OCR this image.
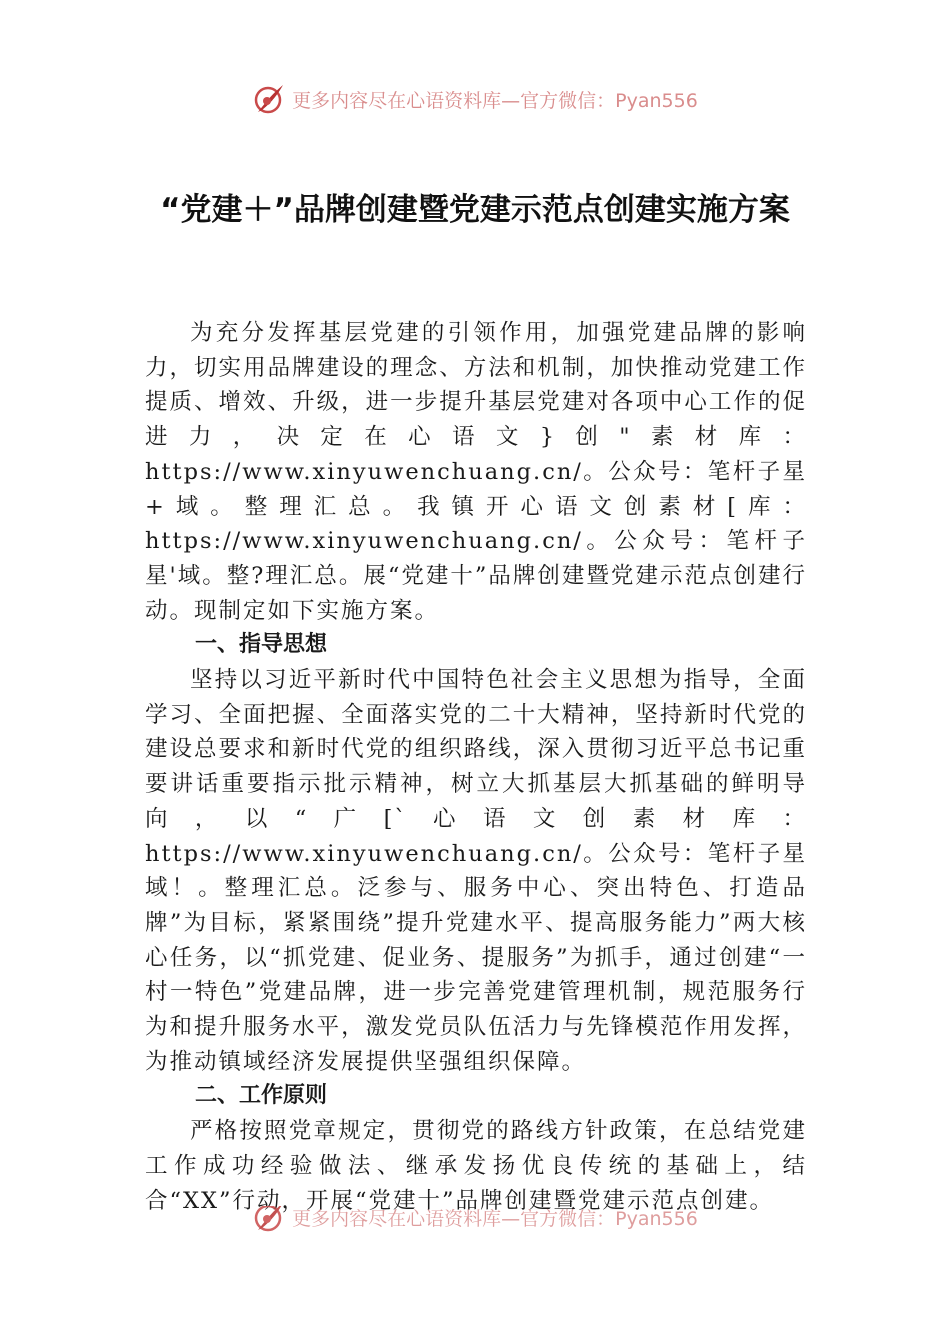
更多内容尽在心语资料库—官方微信：Pyan556
“党建＋”品牌创建暨党建示范点创建实施方案

为充分发挥基层党建的引领作用，加强党建品牌的影响力，切实用品牌建设的理念、方法和机制，加快推动党建工作提质、增效、升级，进一步提升基层党建对各项中心工作的促进力，决定在心语文}创"素材库：https://www.xinyuwenchuang.cn/。公众号：笔杆子星+域。整理汇总。我镇开心语文创素材[库：https://www.xinyuwenchuang.cn/。公众号：笔杆子星'域。整?理汇总。展“党建十”品牌创建暨党建示范点创建行动。现制定如下实施方案。

一、指导思想

坚持以习近平新时代中国特色社会主义思想为指导，全面学习、全面把握、全面落实党的二十大精神，坚持新时代党的建设总要求和新时代党的组织路线，深入贯彻习近平总书记重要讲话重要指示批示精神，树立大抓基层大抓基础的鲜明导向，以“广[`心语文创素材库：https://www.xinyuwenchuang.cn/。公众号：笔杆子星域！。整理汇总。泛参与、服务中心、突出特色、打造品牌”为目标，紧紧围绕”提升党建水平、提高服务能力”两大核心任务，以“抓党建、促业务、提服务”为抓手，通过创建“一村一特色”党建品牌，进一步完善党建管理机制，规范服务行为和提升服务水平，激发党员队伍活力与先锋模范作用发挥，为推动镇域经济发展提供坚强组织保障。

二、工作原则

严格按照党章规定，贯彻党的路线方针政策，在总结党建工作成功经验做法、继承发扬优良传统的基础上，结合“XX”行动，开展“党建十”品牌创建暨党建示范点创建。

更多内容尽在心语资料库—官方微信：Pyan556
